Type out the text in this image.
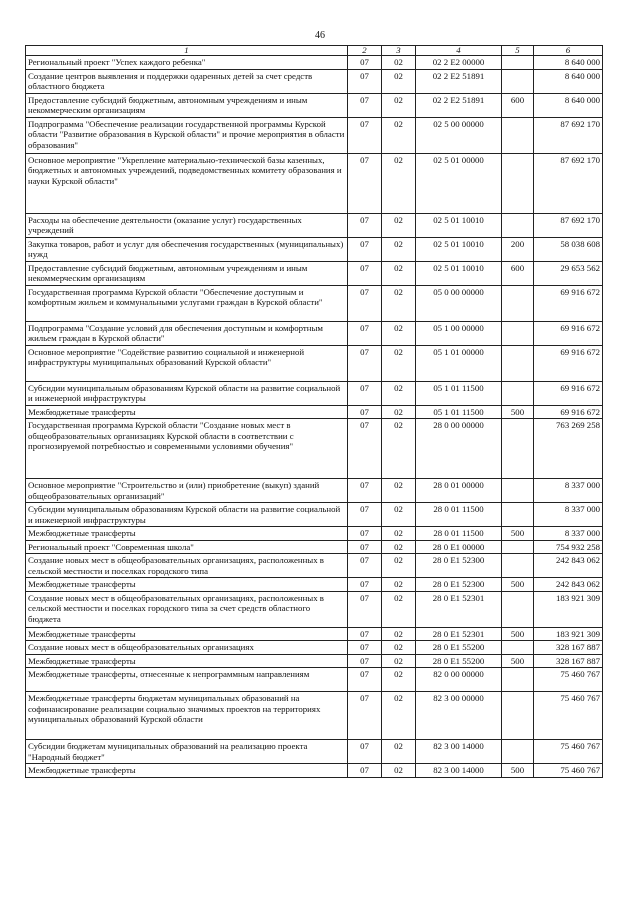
46
1	2	3	4	5	6
Региональный проект "Успех каждого ребенка"	07	02	02 2 E2 00000		8 640 000
Создание центров выявления и поддержки одаренных детей за счет средств областного бюджета	07	02	02 2 E2 51891		8 640 000
Предоставление субсидий бюджетным, автономным учреждениям и иным некоммерческим организациям	07	02	02 2 E2 51891	600	8 640 000
Подпрограмма "Обеспечение реализации государственной программы Курской области "Развитие образования в Курской области" и прочие мероприятия в области образования"	07	02	02 5 00 00000		87 692 170
Основное мероприятие "Укрепление материально-технической базы казенных, бюджетных и автономных учреждений, подведомственных комитету образования и науки Курской области"	07	02	02 5 01 00000		87 692 170
Расходы на обеспечение деятельности (оказание услуг) государственных учреждений	07	02	02 5 01 10010		87 692 170
Закупка товаров, работ и услуг для обеспечения государственных (муниципальных) нужд	07	02	02 5 01 10010	200	58 038 608
Предоставление субсидий бюджетным, автономным учреждениям и иным некоммерческим организациям	07	02	02 5 01 10010	600	29 653 562
Государственная программа Курской области "Обеспечение доступным и комфортным жильем и коммунальными услугами граждан в Курской области"	07	02	05 0 00 00000		69 916 672
Подпрограмма "Создание условий для обеспечения доступным и комфортным жильем граждан в Курской области"	07	02	05 1 00 00000		69 916 672
Основное мероприятие "Содействие развитию социальной и инженерной инфраструктуры муниципальных образований Курской области"	07	02	05 1 01 00000		69 916 672
Субсидии муниципальным образованиям Курской области на развитие социальной и инженерной инфраструктуры	07	02	05 1 01 11500		69 916 672
Межбюджетные трансферты	07	02	05 1 01 11500	500	69 916 672
Государственная программа Курской области "Создание новых мест в общеобразовательных организациях Курской области в соответствии с прогнозируемой потребностью и современными условиями обучения"	07	02	28 0 00 00000		763 269 258
Основное мероприятие "Строительство и (или) приобретение (выкуп) зданий общеобразовательных организаций"	07	02	28 0 01 00000		8 337 000
Субсидии муниципальным образованиям Курской области на развитие социальной и инженерной инфраструктуры	07	02	28 0 01 11500		8 337 000
Межбюджетные трансферты	07	02	28 0 01 11500	500	8 337 000
Региональный проект "Современная школа"	07	02	28 0 E1 00000		754 932 258
Создание новых мест в общеобразовательных организациях, расположенных в сельской местности и поселках городского типа	07	02	28 0 E1 52300		242 843 062
Межбюджетные трансферты	07	02	28 0 E1 52300	500	242 843 062
Создание новых мест в общеобразовательных организациях, расположенных в сельской местности и поселках городского типа за счет средств областного бюджета	07	02	28 0 E1 52301		183 921 309
Межбюджетные трансферты	07	02	28 0 E1 52301	500	183 921 309
Создание новых мест в общеобразовательных организациях	07	02	28 0 E1 55200		328 167 887
Межбюджетные трансферты	07	02	28 0 E1 55200	500	328 167 887
Межбюджетные трансферты, отнесенные к непрограммным направлениям	07	02	82 0 00 00000		75 460 767
Межбюджетные трансферты бюджетам муниципальных образований на софинансирование реализации социально значимых проектов на территориях муниципальных образований Курской области	07	02	82 3 00 00000		75 460 767
Субсидии бюджетам муниципальных образований на реализацию проекта "Народный бюджет"	07	02	82 3 00 14000		75 460 767
Межбюджетные трансферты	07	02	82 3 00 14000	500	75 460 767
